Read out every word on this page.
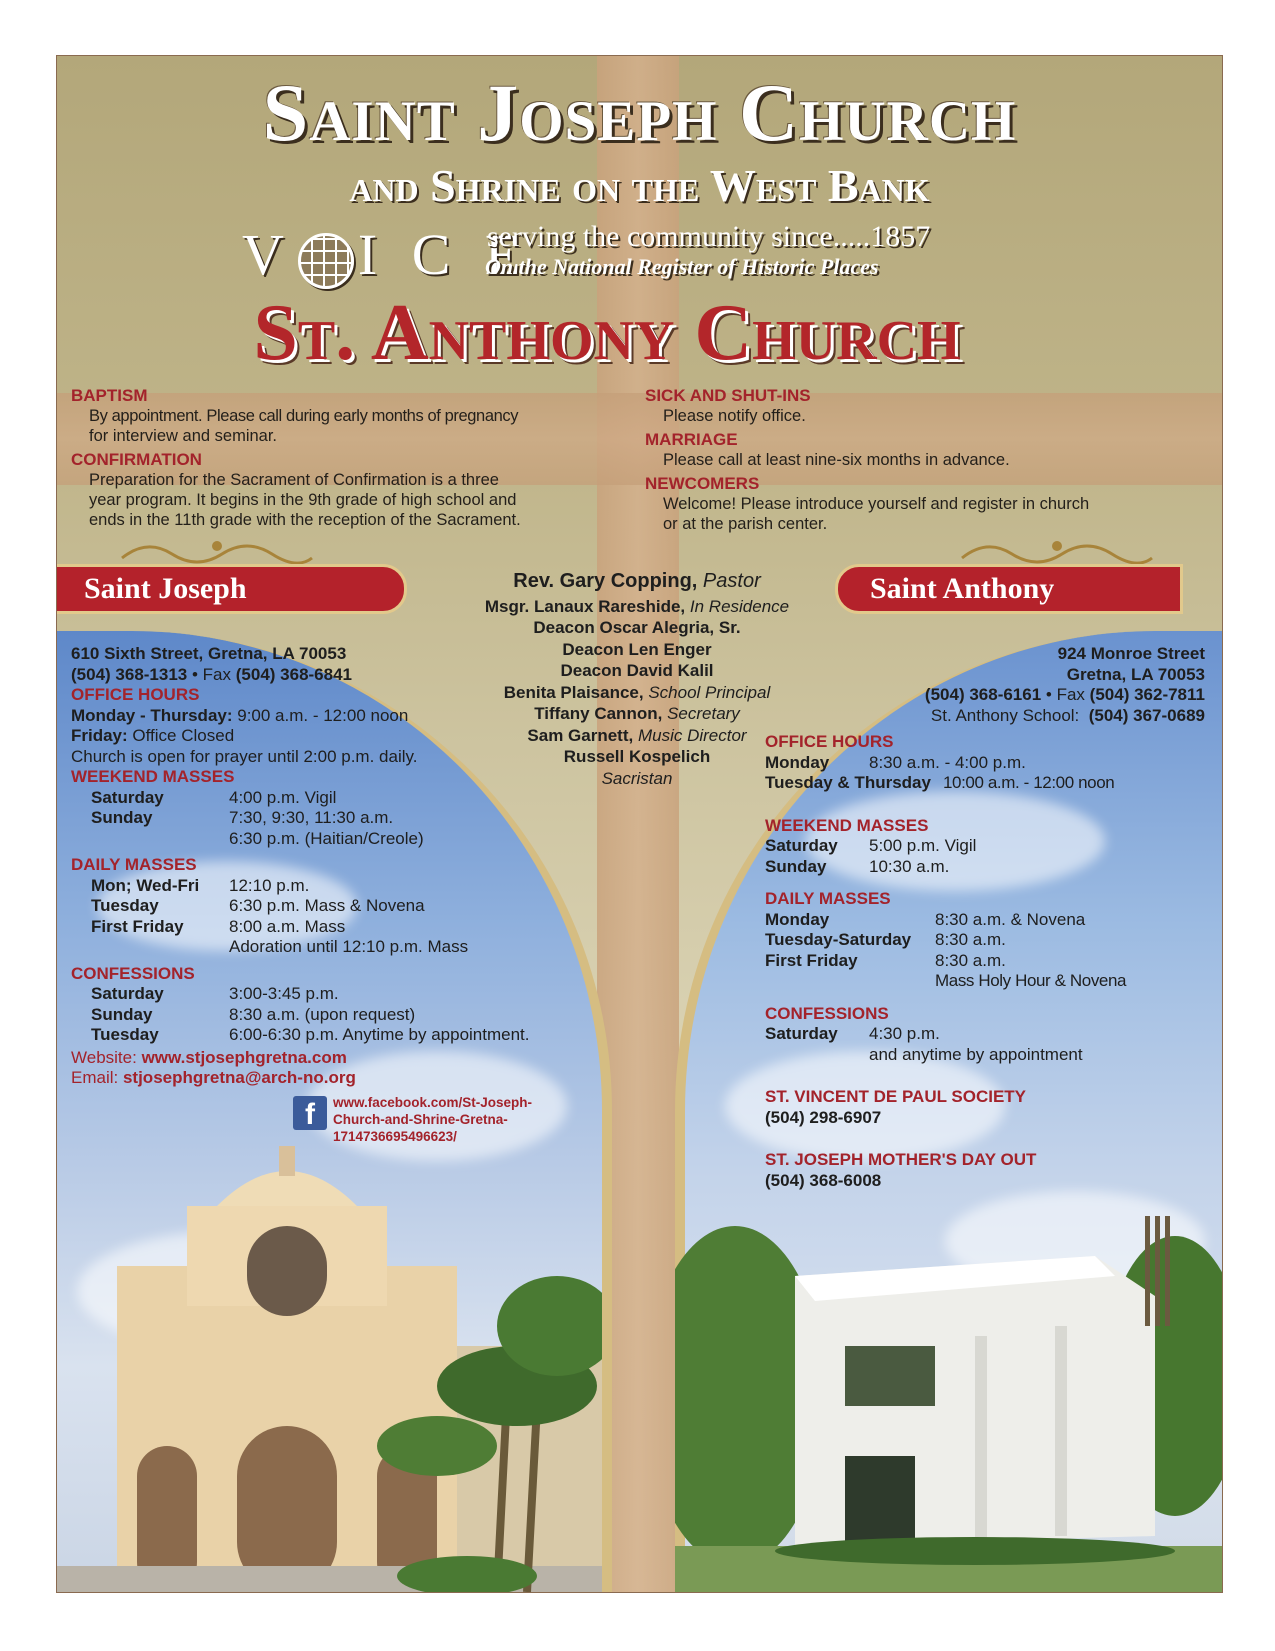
Saint Joseph Church
and Shrine on the West Bank
V I C E
serving the community since.....1857
On the National Register of Historic Places
St. Anthony Church
BAPTISM
By appointment. Please call during early months of pregnancy
for interview and seminar.
CONFIRMATION
Preparation for the Sacrament of Confirmation is a three
year program. It begins in the 9th grade of high school and
ends in the 11th grade with the reception of the Sacrament.
SICK AND SHUT-INS
Please notify office.
MARRIAGE
Please call at least nine-six months in advance.
NEWCOMERS
Welcome! Please introduce yourself and register in church
or at the parish center.
Saint Joseph	Saint Anthony
Rev. Gary Copping, Pastor
Msgr. Lanaux Rareshide, In Residence
Deacon Oscar Alegria, Sr.
Deacon Len Enger
Deacon David Kalil
Benita Plaisance, School Principal
Tiffany Cannon, Secretary
Sam Garnett, Music Director
Russell Kospelich
Sacristan
610 Sixth Street, Gretna, LA 70053
(504) 368-1313 • Fax (504) 368-6841
OFFICE HOURS
Monday - Thursday: 9:00 a.m. - 12:00 noon
Friday: Office Closed
Church is open for prayer until 2:00 p.m. daily.
WEEKEND MASSES
Saturday	4:00 p.m. Vigil
Sunday	7:30, 9:30, 11:30 a.m.
6:30 p.m. (Haitian/Creole)
DAILY MASSES
Mon; Wed-Fri	12:10 p.m.
Tuesday	6:30 p.m. Mass & Novena
First Friday	8:00 a.m. Mass
Adoration until 12:10 p.m. Mass
CONFESSIONS
Saturday	3:00-3:45 p.m.
Sunday	8:30 a.m. (upon request)
Tuesday	6:00-6:30 p.m. Anytime by appointment.
Website: www.stjosephgretna.com
Email: stjosephgretna@arch-no.org
f	www.facebook.com/St-Joseph-
Church-and-Shrine-Gretna-
1714736695496623/
924 Monroe Street
Gretna, LA 70053
(504) 368-6161 • Fax (504) 362-7811
St. Anthony School: (504) 367-0689
OFFICE HOURS
Monday	8:30 a.m. - 4:00 p.m.
Tuesday & Thursday 10:00 a.m. - 12:00 noon
WEEKEND MASSES
Saturday	5:00 p.m. Vigil
Sunday	10:30 a.m.
DAILY MASSES
Monday	8:30 a.m. & Novena
Tuesday-Saturday	8:30 a.m.
First Friday	8:30 a.m.
Mass Holy Hour & Novena
CONFESSIONS
Saturday	4:30 p.m.
and anytime by appointment
ST. VINCENT DE PAUL SOCIETY
(504) 298-6907
ST. JOSEPH MOTHER'S DAY OUT
(504) 368-6008
